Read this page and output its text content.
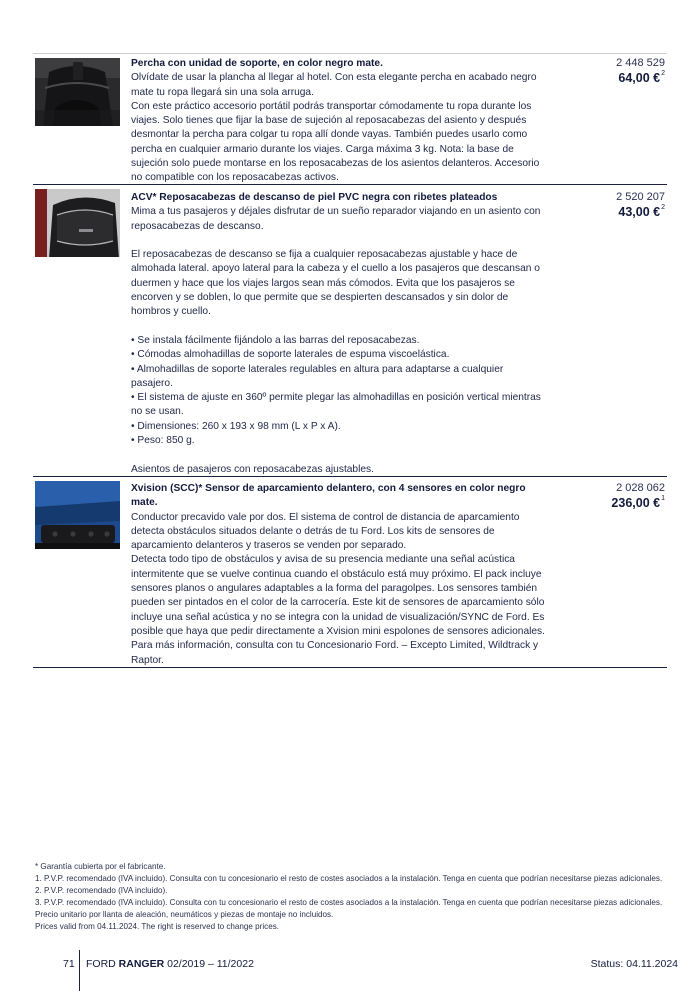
Percha con unidad de soporte, en color negro mate.

Olvídate de usar la plancha al llegar al hotel. Con esta elegante percha en acabado negro mate tu ropa llegará sin una sola arruga.

Con este práctico accesorio portátil podrás transportar cómodamente tu ropa durante los viajes. Solo tienes que fijar la base de sujeción al reposacabezas del asiento y después desmontar la percha para colgar tu ropa allí donde vayas. También puedes usarlo como percha en cualquier armario durante los viajes. Carga máxima 3 kg. Nota: la base de sujeción solo puede montarse en los reposacabezas de los asientos delanteros. Accesorio no compatible con los reposacabezas activos.

2 448 529
64,00 €$^2$
ACV* Reposacabezas de descanso de piel PVC negra con ribetes plateados

Mima a tus pasajeros y déjales disfrutar de un sueño reparador viajando en un asiento con reposacabezas de descanso.

El reposacabezas de descanso se fija a cualquier reposacabezas ajustable y hace de almohada lateral. apoyo lateral para la cabeza y el cuello a los pasajeros que descansan o duermen y hace que los viajes largos sean más cómodos. Evita que los pasajeros se encorven y se doblen, lo que permite que se despierten descansados y sin dolor de hombros y cuello.

• Se instala fácilmente fijándolo a las barras del reposacabezas.

• Cómodas almohadillas de soporte laterales de espuma viscoelástica.

• Almohadillas de soporte laterales regulables en altura para adaptarse a cualquier pasajero.

• El sistema de ajuste en 360º permite plegar las almohadillas en posición vertical mientras no se usan.

• Dimensiones: 260 x 193 x 98 mm (L x P x A).

• Peso: 850 g.

Asientos de pasajeros con reposacabezas ajustables.

2 520 207
43,00 €$^2$
Xvision (SCC)* Sensor de aparcamiento delantero, con 4 sensores en color negro mate.

Conductor precavido vale por dos. El sistema de control de distancia de aparcamiento detecta obstáculos situados delante o detrás de tu Ford. Los kits de sensores de aparcamiento delanteros y traseros se venden por separado.

Detecta todo tipo de obstáculos y avisa de su presencia mediante una señal acústica intermitente que se vuelve continua cuando el obstáculo está muy próximo. El pack incluye sensores planos o angulares adaptables a la forma del paragolpes. Los sensores también pueden ser pintados en el color de la carrocería. Este kit de sensores de aparcamiento sólo incluye una señal acústica y no se integra con la unidad de visualización/SYNC de Ford. Es posible que haya que pedir directamente a Xvision mini espolones de sensores adicionales. Para más información, consulta con tu Concesionario Ford. – Excepto Limited, Wildtrack y Raptor.

2 028 062
236,00 €$^1$

* Garantía cubierta por el fabricante.

1. P.V.P. recomendado (IVA incluido). Consulta con tu concesionario el resto de costes asociados a la instalación. Tenga en cuenta que podrían necesitarse piezas adicionales.

2. P.V.P. recomendado (IVA incluido).

3. P.V.P. recomendado (IVA incluido). Consulta con tu concesionario el resto de costes asociados a la instalación. Tenga en cuenta que podrían necesitarse piezas adicionales. Precio unitario por llanta de aleación, neumáticos y piezas de montaje no incluidos.

Prices valid from 04.11.2024. The right is reserved to change prices.

71 FORD RANGER 02/2019 – 11/2022	Status: 04.11.2024
